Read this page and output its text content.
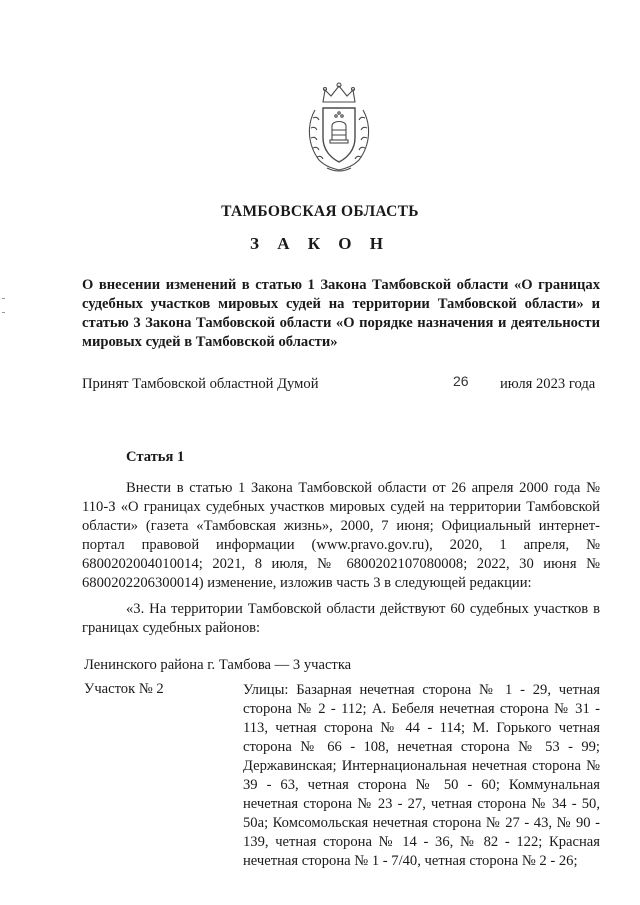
ТАМБОВСКАЯ ОБЛАСТЬ
З А К О Н
О внесении изменений в статью 1 Закона Тамбовской области «О границах судебных участков мировых судей на территории Тамбовской области» и статью 3 Закона Тамбовской области «О порядке назначения и деятельности мировых судей в Тамбовской области»
Принят Тамбовской областной Думой	26 июля 2023 года
Статья 1
Внести в статью 1 Закона Тамбовской области от 26 апреля 2000 года № 110-З «О границах судебных участков мировых судей на территории Тамбовской области» (газета «Тамбовская жизнь», 2000, 7 июня; Официальный интернет-портал правовой информации (www.pravo.gov.ru), 2020, 1 апреля, № 6800202004010014; 2021, 8 июля, № 6800202107080008; 2022, 30 июня № 6800202206300014) изменение, изложив часть 3 в следующей редакции:
«3. На территории Тамбовской области действуют 60 судебных участков в границах судебных районов:
Ленинского района г. Тамбова — 3 участка
Участок № 2	Улицы: Базарная нечетная сторона № 1 - 29, четная сторона № 2 - 112; А. Бебеля нечетная сторона № 31 - 113, четная сторона № 44 - 114; М. Горького четная сторона № 66 - 108, нечетная сторона № 53 - 99; Державинская; Интернациональная нечетная сторона № 39 - 63, четная сторона № 50 - 60; Коммунальная нечетная сторона № 23 - 27, четная сторона № 34 - 50, 50а; Комсомольская нечетная сторона № 27 - 43, № 90 - 139, четная сторона № 14 - 36, № 82 - 122; Красная нечетная сторона № 1 - 7/40, четная сторона № 2 - 26;
